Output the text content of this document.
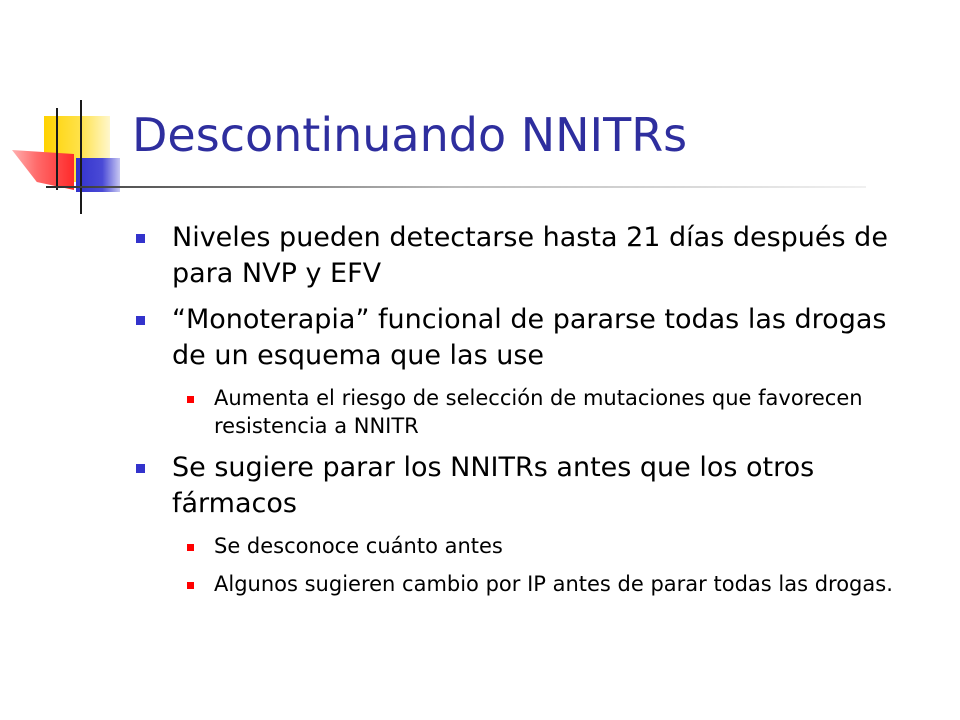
Descontinuando NNITRs
Niveles pueden detectarse hasta 21 días después de para NVP y EFV
“Monoterapia” funcional de pararse todas las drogas de un esquema que las use
Aumenta el riesgo de selección de mutaciones que favorecen resistencia a NNITR
Se sugiere parar los NNITRs antes que los otros fármacos
Se desconoce cuánto antes
Algunos sugieren cambio por IP antes de parar todas las drogas.
